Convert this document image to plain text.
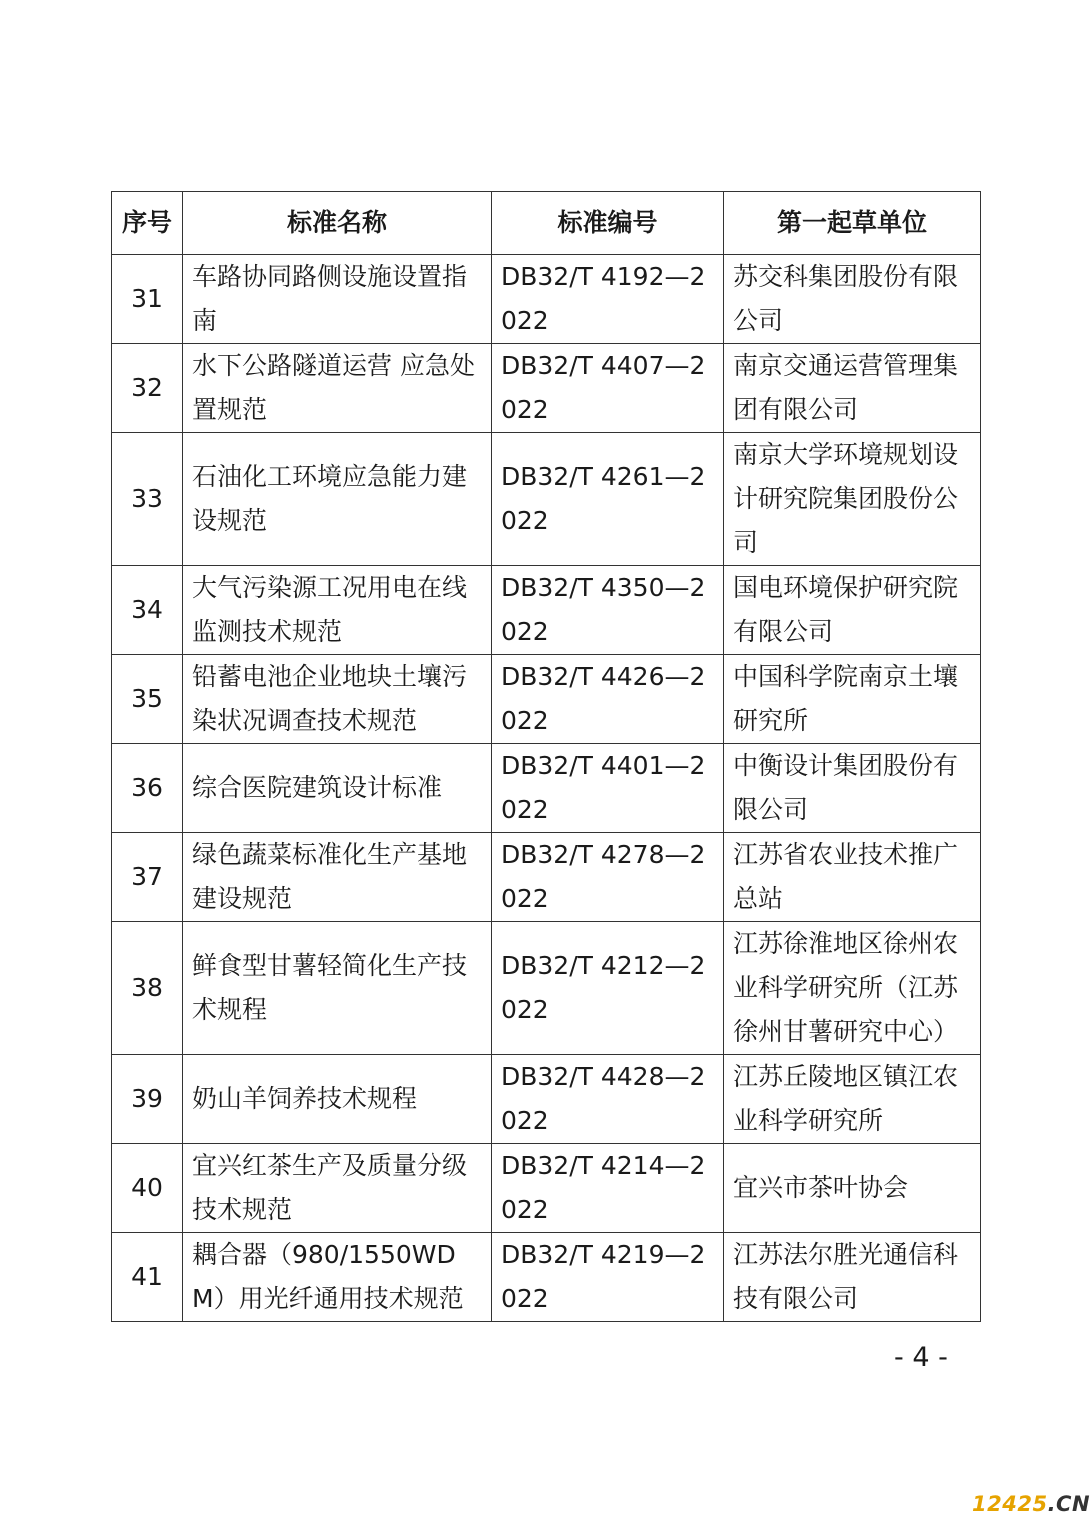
序号	标准名称	标准编号	第一起草单位
31	车路协同路侧设施设置指南	DB32/T 4192—2022	苏交科集团股份有限公司
32	水下公路隧道运营 应急处置规范	DB32/T 4407—2022	南京交通运营管理集团有限公司
33	石油化工环境应急能力建设规范	DB32/T 4261—2022	南京大学环境规划设计研究院集团股份公司
34	大气污染源工况用电在线监测技术规范	DB32/T 4350—2022	国电环境保护研究院有限公司
35	铅蓄电池企业地块土壤污染状况调查技术规范	DB32/T 4426—2022	中国科学院南京土壤研究所
36	综合医院建筑设计标准	DB32/T 4401—2022	中衡设计集团股份有限公司
37	绿色蔬菜标准化生产基地建设规范	DB32/T 4278—2022	江苏省农业技术推广总站
38	鲜食型甘薯轻简化生产技术规程	DB32/T 4212—2022	江苏徐淮地区徐州农业科学研究所（江苏徐州甘薯研究中心）
39	奶山羊饲养技术规程	DB32/T 4428—2022	江苏丘陵地区镇江农业科学研究所
40	宜兴红茶生产及质量分级技术规范	DB32/T 4214—2022	宜兴市茶叶协会
41	耦合器（980/1550WDM）用光纤通用技术规范	DB32/T 4219—2022	江苏法尔胜光通信科技有限公司
- 4 -
12425.CN
